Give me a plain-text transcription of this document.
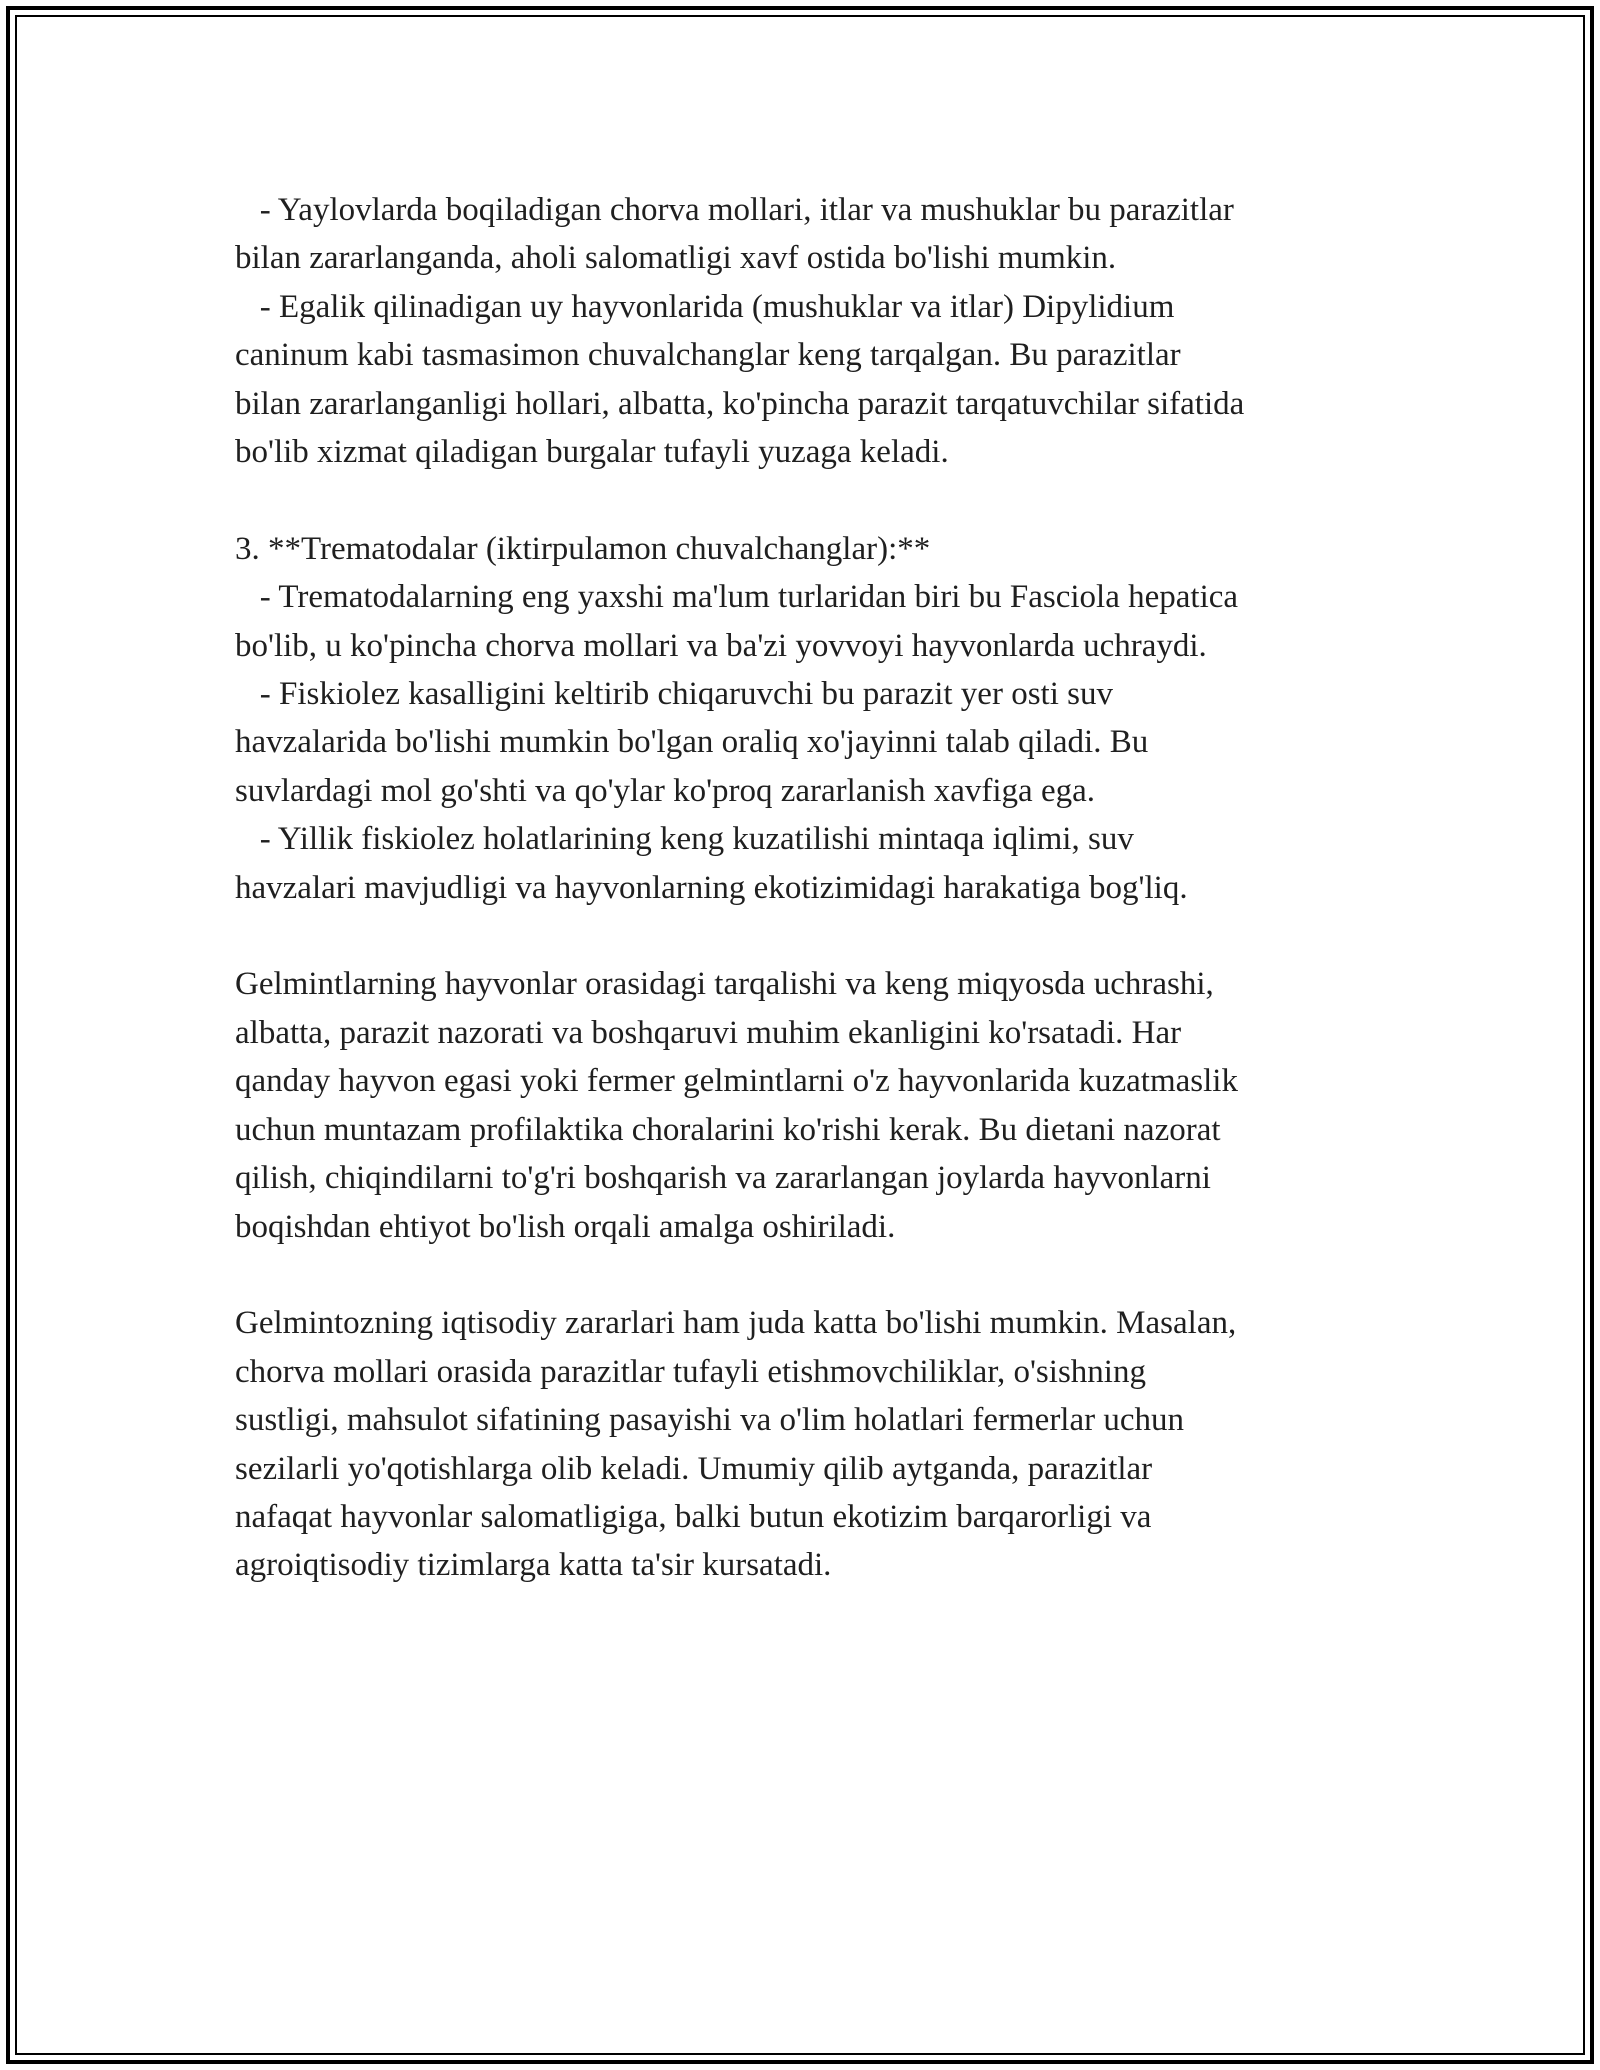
- Yaylovlarda boqiladigan chorva mollari, itlar va mushuklar bu parazitlar

bilan zararlanganda, aholi salomatligi xavf ostida bo'lishi mumkin.

- Egalik qilinadigan uy hayvonlarida (mushuklar va itlar) Dipylidium

caninum kabi tasmasimon chuvalchanglar keng tarqalgan. Bu parazitlar

bilan zararlanganligi hollari, albatta, ko'pincha parazit tarqatuvchilar sifatida

bo'lib xizmat qiladigan burgalar tufayli yuzaga keladi.

3. **Trematodalar (iktirpulamon chuvalchanglar):**

- Trematodalarning eng yaxshi ma'lum turlaridan biri bu Fasciola hepatica

bo'lib, u ko'pincha chorva mollari va ba'zi yovvoyi hayvonlarda uchraydi.

- Fiskiolez kasalligini keltirib chiqaruvchi bu parazit yer osti suv

havzalarida bo'lishi mumkin bo'lgan oraliq xo'jayinni talab qiladi. Bu

suvlardagi mol go'shti va qo'ylar ko'proq zararlanish xavfiga ega.

- Yillik fiskiolez holatlarining keng kuzatilishi mintaqa iqlimi, suv

havzalari mavjudligi va hayvonlarning ekotizimidagi harakatiga bog'liq.

Gelmintlarning hayvonlar orasidagi tarqalishi va keng miqyosda uchrashi,

albatta, parazit nazorati va boshqaruvi muhim ekanligini ko'rsatadi. Har

qanday hayvon egasi yoki fermer gelmintlarni o'z hayvonlarida kuzatmaslik

uchun muntazam profilaktika choralarini ko'rishi kerak. Bu dietani nazorat

qilish, chiqindilarni to'g'ri boshqarish va zararlangan joylarda hayvonlarni

boqishdan ehtiyot bo'lish orqali amalga oshiriladi.

Gelmintozning iqtisodiy zararlari ham juda katta bo'lishi mumkin. Masalan,

chorva mollari orasida parazitlar tufayli etishmovchiliklar, o'sishning

sustligi, mahsulot sifatining pasayishi va o'lim holatlari fermerlar uchun

sezilarli yo'qotishlarga olib keladi. Umumiy qilib aytganda, parazitlar

nafaqat hayvonlar salomatligiga, balki butun ekotizim barqarorligi va

agroiqtisodiy tizimlarga katta ta'sir kursatadi.
